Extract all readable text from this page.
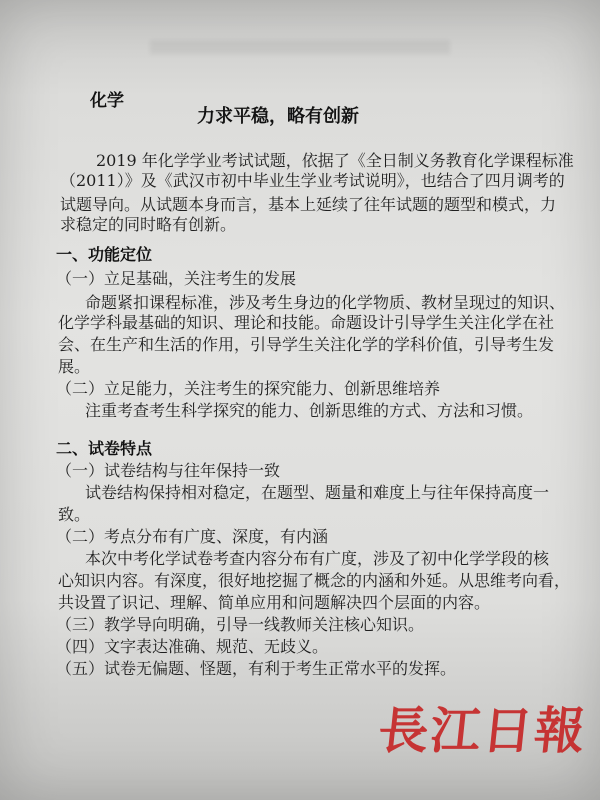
化学
力求平稳，略有创新
2019 年化学学业考试试题，依据了《全日制义务教育化学课程标准
（2011）》及《武汉市初中毕业生学业考试说明》，也结合了四月调考的
试题导向。从试题本身而言，基本上延续了往年试题的题型和模式，力
求稳定的同时略有创新。
一、功能定位
（一）立足基础，关注考生的发展
命题紧扣课程标准，涉及考生身边的化学物质、教材呈现过的知识、
化学学科最基础的知识、理论和技能。命题设计引导学生关注化学在社
会、在生产和生活的作用，引导学生关注化学的学科价值，引导考生发
展。
（二）立足能力，关注考生的探究能力、创新思维培养
注重考查考生科学探究的能力、创新思维的方式、方法和习惯。
二、试卷特点
（一）试卷结构与往年保持一致
试卷结构保持相对稳定，在题型、题量和难度上与往年保持高度一
致。
（二）考点分布有广度、深度，有内涵
本次中考化学试卷考查内容分布有广度，涉及了初中化学学段的核
心知识内容。有深度，很好地挖掘了概念的内涵和外延。从思维考向看，
共设置了识记、理解、简单应用和问题解决四个层面的内容。
（三）教学导向明确，引导一线教师关注核心知识。
（四）文字表达准确、规范、无歧义。
（五）试卷无偏题、怪题，有利于考生正常水平的发挥。
長江日報
